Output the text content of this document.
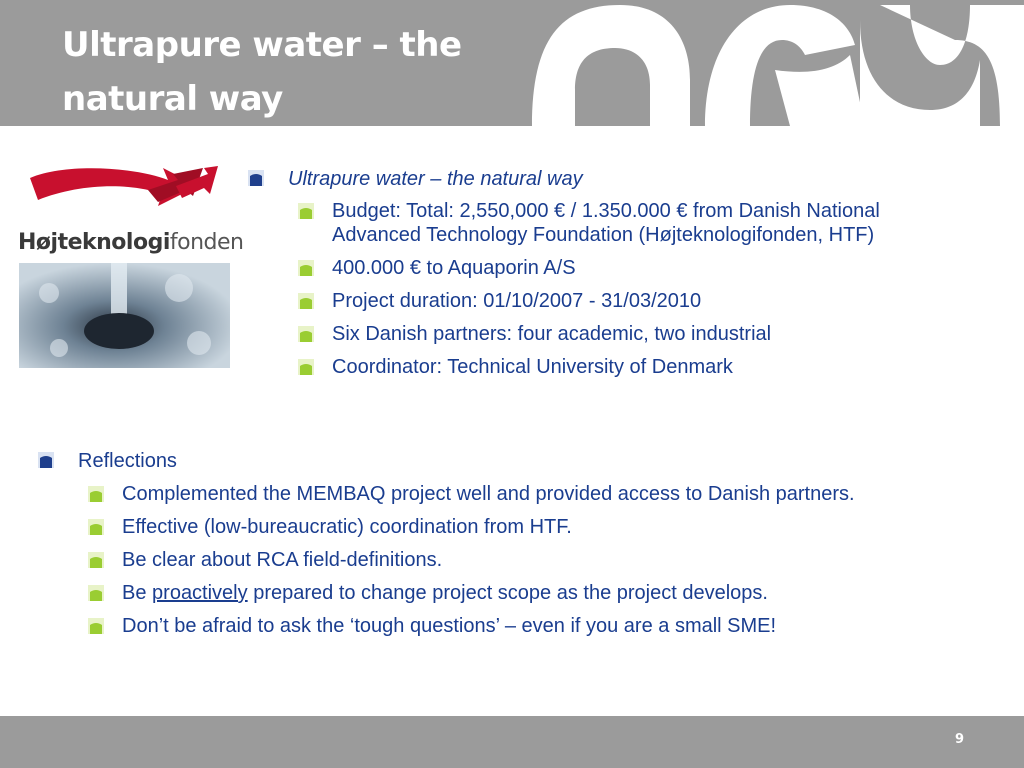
Ultrapure water – the
natural way
Højteknologifonden
Ultrapure water – the natural way
Budget: Total: 2,550,000 € / 1.350.000 € from Danish National
Advanced Technology Foundation (Højteknologifonden, HTF)
400.000 € to Aquaporin A/S
Project duration: 01/10/2007 - 31/03/2010
Six Danish partners: four academic, two industrial
Coordinator: Technical University of Denmark
Reflections
Complemented the MEMBAQ project well and provided access to Danish partners.
Effective (low-bureaucratic) coordination from HTF.
Be clear about RCA field-definitions.
Be proactively prepared to change project scope as the project develops.
Don’t be afraid to ask the ‘tough questions’ – even if you are a small SME!
9
